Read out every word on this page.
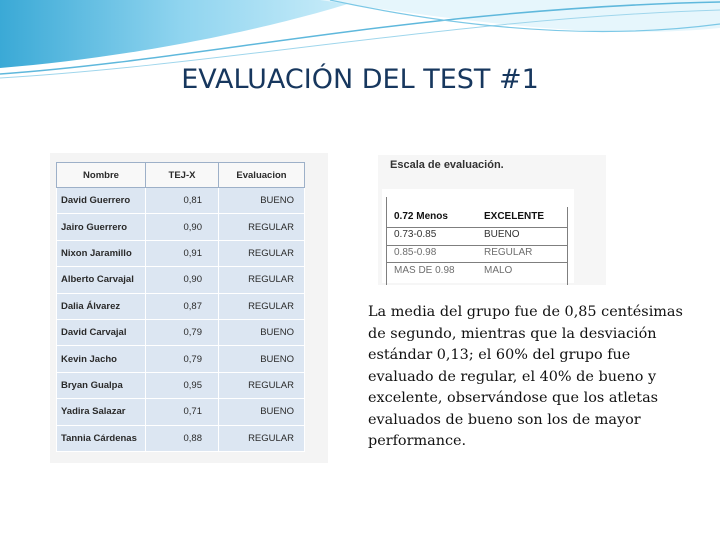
EVALUACIÓN DEL TEST #1
Nombre	TEJ-X	Evaluacion
David Guerrero	0,81	BUENO
Jairo Guerrero	0,90	REGULAR
Nixon Jaramillo	0,91	REGULAR
Alberto Carvajal	0,90	REGULAR
Dalia Álvarez	0,87	REGULAR
David Carvajal	0,79	BUENO
Kevin Jacho	0,79	BUENO
Bryan Gualpa	0,95	REGULAR
Yadira Salazar	0,71	BUENO
Tannia Cárdenas	0,88	REGULAR
Escala de evaluación.
0.72 Menos	EXCELENTE
0.73-0.85	BUENO
0.85-0.98	REGULAR
MAS DE 0.98	MALO

La media del grupo fue de 0,85 centésimas de segundo, mientras que la desviación estándar 0,13; el 60% del grupo fue evaluado de regular, el 40% de bueno y excelente, observándose que los atletas evaluados de bueno son los de mayor performance.
